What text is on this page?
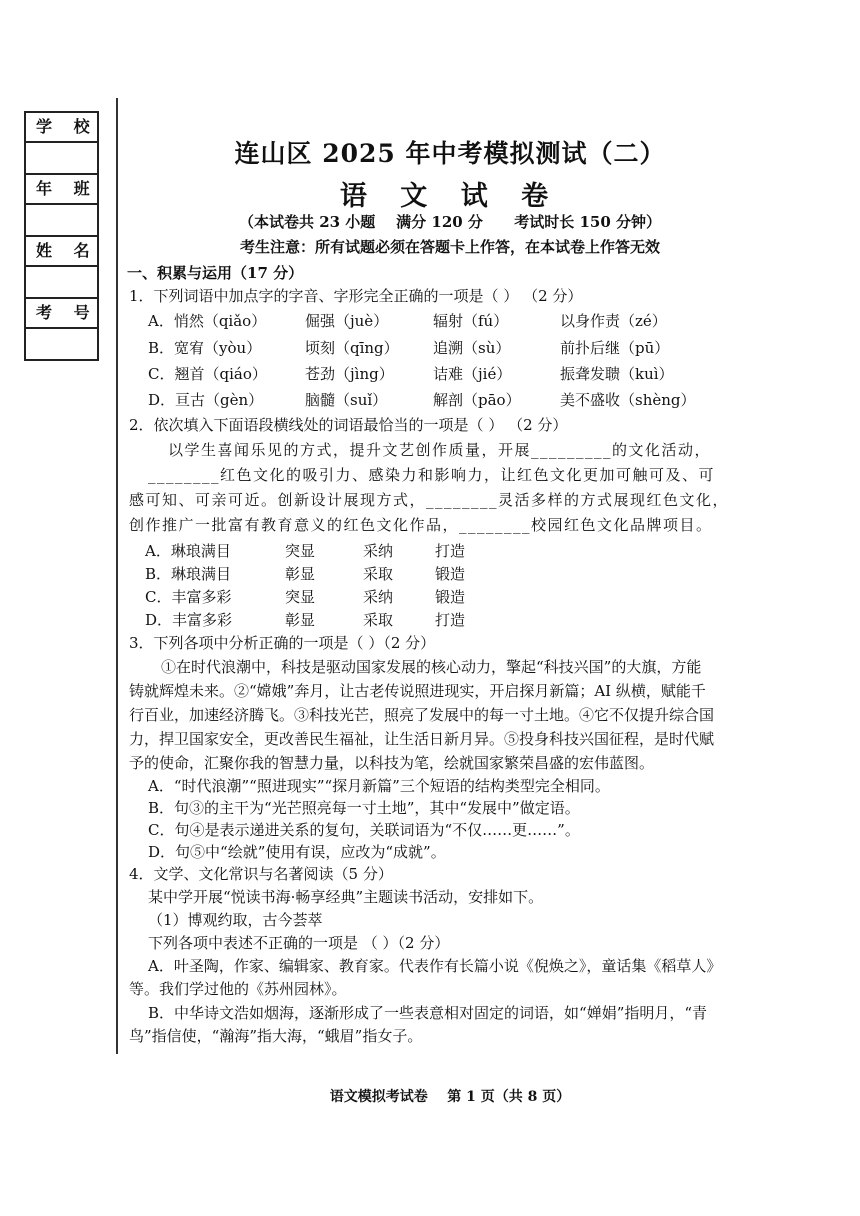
学 校
年 班
姓 名
考 号
连山区 2025 年中考模拟测试（二）
语 文 试 卷
（本试卷共 23 小题    满分 120 分      考试时长 150 分钟）
考生注意：所有试题必须在答题卡上作答，在本试卷上作答无效
一、积累与运用（17 分）
1．下列词语中加点字的字音、字形完全正确的一项是（ ） （2 分）
A．悄然（qiǎo）	倔强（juè）	辐射（fú）	以身作责（zé）
B．宽宥（yòu）	顷刻（qīng） 追溯（sù）	前扑后继（pū）
C．翘首（qiáo）	苍劲（jìng）	诘难（jié）	振聋发聩（kuì）
D．亘古（gèn）	脑髓（suǐ）	解剖（pāo）	美不盛收（shèng）
2．依次填入下面语段横线处的词语最恰当的一项是（ ） （2 分）
以学生喜闻乐见的方式，提升文艺创作质量，开展_________的文化活动，
________红色文化的吸引力、感染力和影响力，让红色文化更加可触可及、可
感可知、可亲可近。创新设计展现方式，________灵活多样的方式展现红色文化，
创作推广一批富有教育意义的红色文化作品，________校园红色文化品牌项目。
A．琳琅满目	突显	采纳	打造
B．琳琅满目	彰显	采取	锻造
C．丰富多彩	突显	采纳	锻造
D．丰富多彩	彰显	采取	打造
3．下列各项中分析正确的一项是（ ）（2 分）
①在时代浪潮中，科技是驱动国家发展的核心动力，擎起“科技兴国”的大旗，方能
铸就辉煌未来。②“嫦娥”奔月，让古老传说照进现实，开启探月新篇；AI 纵横，赋能千
行百业，加速经济腾飞。③科技光芒，照亮了发展中的每一寸土地。④它不仅提升综合国
力，捍卫国家安全，更改善民生福祉，让生活日新月异。⑤投身科技兴国征程，是时代赋
予的使命，汇聚你我的智慧力量，以科技为笔，绘就国家繁荣昌盛的宏伟蓝图。
A．“时代浪潮”“照进现实”“探月新篇”三个短语的结构类型完全相同。
B．句③的主干为“光芒照亮每一寸土地”，其中“发展中”做定语。
C．句④是表示递进关系的复句，关联词语为“不仅……更……”。
D．句⑤中“绘就”使用有误，应改为“成就”。
4．文学、文化常识与名著阅读（5 分）
某中学开展“悦读书海·畅享经典”主题读书活动，安排如下。
（1）博观约取，古今荟萃
下列各项中表述不正确的一项是 （ ）（2 分）
A．叶圣陶，作家、编辑家、教育家。代表作有长篇小说《倪焕之》，童话集《稻草人》
等。我们学过他的《苏州园林》。
B．中华诗文浩如烟海，逐渐形成了一些表意相对固定的词语，如“婵娟”指明月，“青
鸟”指信使，“瀚海”指大海，“蛾眉”指女子。
语文模拟考试卷    第 1 页（共 8 页）
